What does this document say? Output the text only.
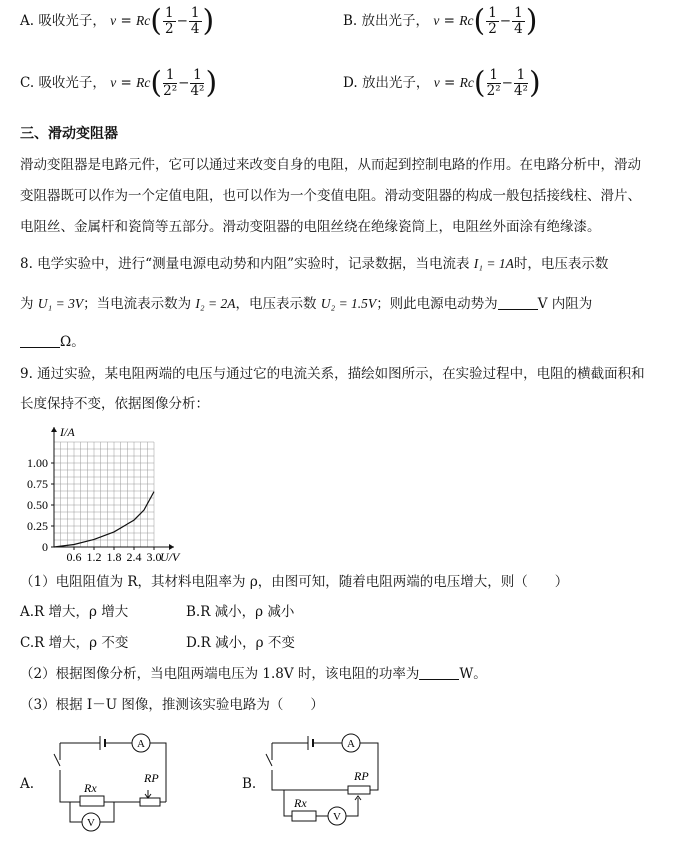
A. 吸收光子， $\nu = Rc( \frac{1}{2} - \frac{1}{4}$ )	B. 放出光子， $\nu = Rc( \frac{1}{2} - \frac{1}{4}$ )
C. 吸收光子， $\nu = Rc( \frac{1}{\text{2²}} - \frac{1}{\text{4²}}$ )	D. 放出光子， $\nu = Rc( \frac{1}{\text{2²}} - \frac{1}{\text{4²}}$ )
三、滑动变阻器
滑动变阻器是电路元件，它可以通过来改变自身的电阻，从而起到控制电路的作用。在电路分析中，滑动
变阻器既可以作为一个定值电阻，也可以作为一个变值电阻。滑动变阻器的构成一般包括接线柱、滑片、
电阻丝、金属杆和瓷筒等五部分。滑动变阻器的电阻丝绕在绝缘瓷筒上，电阻丝外面涂有绝缘漆。
8. 电学实验中，进行“测量电源电动势和内阻”实验时，记录数据，当电流表 I₁ = 1A时，电压表示数
为 U₁ = 3V；当电流表示数为 I₂ = 2A，电压表示数 U₂ = 1.5V；则此电源电动势为	V 内阻为
Ω。
9. 通过实验，某电阻两端的电压与通过它的电流关系，描绘如图所示，在实验过程中，电阻的横截面积和
长度保持不变，依据图像分析：
0
0.25
0.50
0.75
1.00
0.6 1.2 1.8 2.4 3.0
U/V
I/A
（1）电阻阻值为 R，其材料电阻率为 ρ，由图可知，随着电阻两端的电压增大，则（　　）
A.R 增大，ρ 增大	B.R 减小，ρ 减小
C.R 增大，ρ 不变	D.R 减小，ρ 不变
（2）根据图像分析，当电阻两端电压为 1.8V 时，该电阻的功率为	W。
（3）根据 I－U 图像，推测该实验电路为（　　）
A.
A
V
Rx
RP	B.
A
V
Rx
RP
